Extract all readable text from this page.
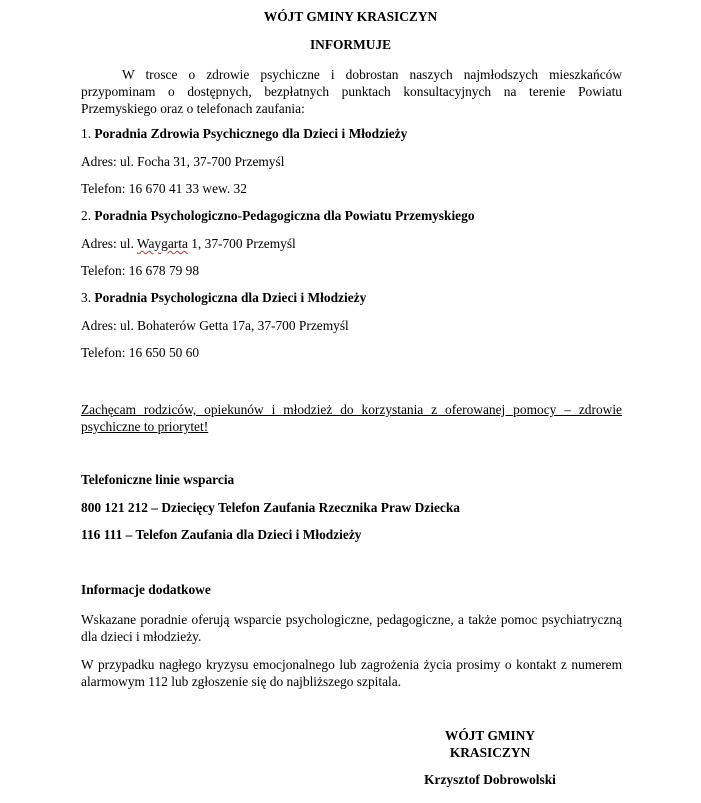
WÓJT GMINY KRASICZYN
INFORMUJE
W trosce o zdrowie psychiczne i dobrostan naszych najmłodszych mieszkańców przypominam o dostępnych, bezpłatnych punktach konsultacyjnych na terenie Powiatu Przemyskiego oraz o telefonach zaufania:
1. Poradnia Zdrowia Psychicznego dla Dzieci i Młodzieży
Adres: ul. Focha 31, 37-700 Przemyśl
Telefon: 16 670 41 33 wew. 32
2. Poradnia Psychologiczno-Pedagogiczna dla Powiatu Przemyskiego
Adres: ul. Waygarta 1, 37-700 Przemyśl
Telefon: 16 678 79 98
3. Poradnia Psychologiczna dla Dzieci i Młodzieży
Adres: ul. Bohaterów Getta 17a, 37-700 Przemyśl
Telefon: 16 650 50 60
Zachęcam rodziców, opiekunów i młodzież do korzystania z oferowanej pomocy – zdrowie psychiczne to priorytet!
Telefoniczne linie wsparcia
800 121 212 – Dziecięcy Telefon Zaufania Rzecznika Praw Dziecka
116 111 – Telefon Zaufania dla Dzieci i Młodzieży
Informacje dodatkowe
Wskazane poradnie oferują wsparcie psychologiczne, pedagogiczne, a także pomoc psychiatryczną dla dzieci i młodzieży.
W przypadku nagłego kryzysu emocjonalnego lub zagrożenia życia prosimy o kontakt z numerem alarmowym 112 lub zgłoszenie się do najbliższego szpitala.
WÓJT GMINY
KRASICZYN
Krzysztof Dobrowolski
